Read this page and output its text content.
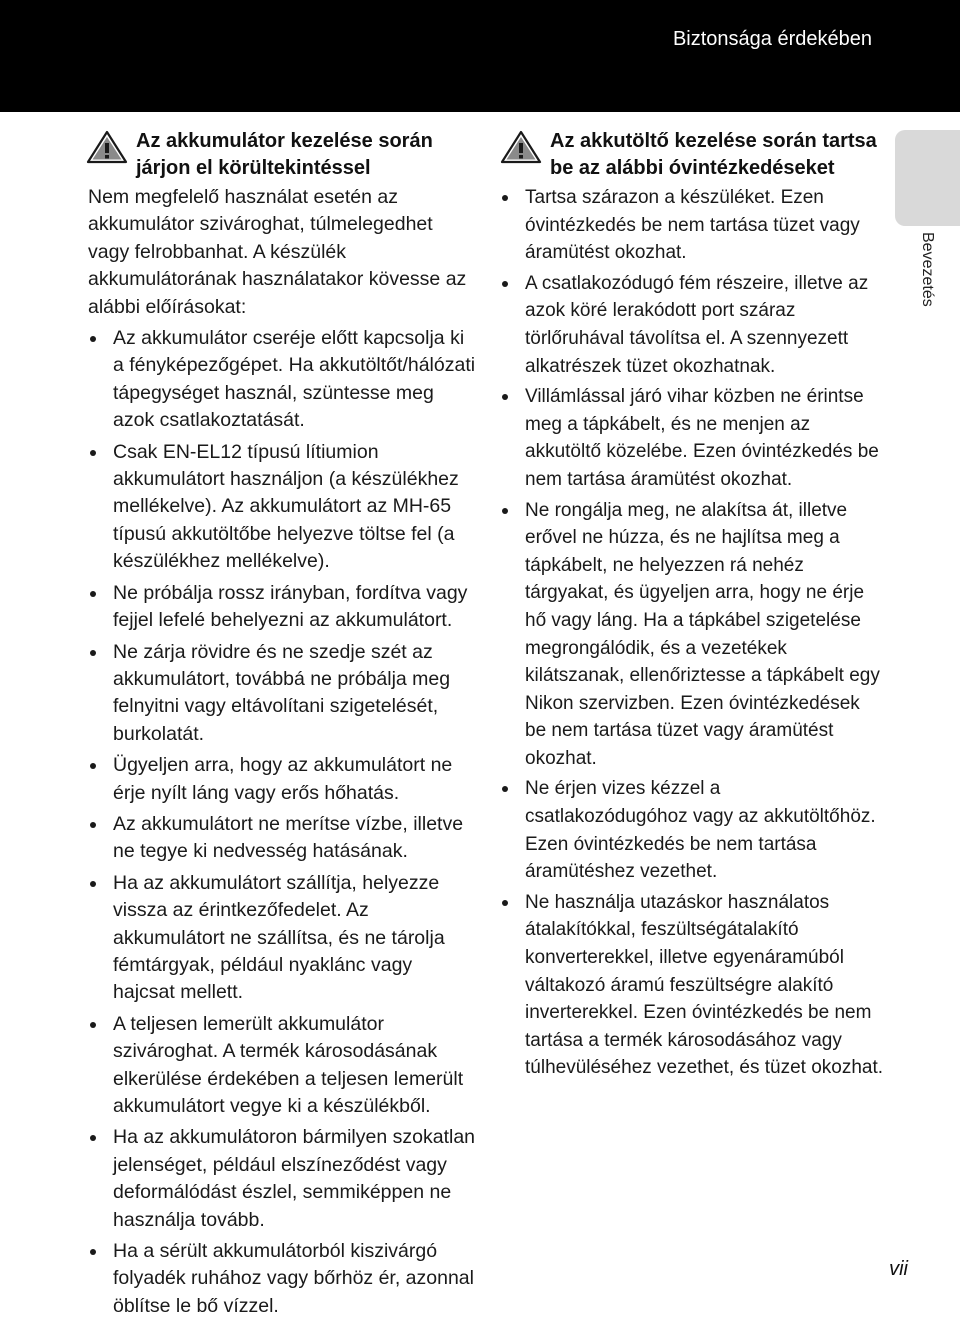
Biztonsága érdekében
Az akkumulátor kezelése során járjon el körültekintéssel

Nem megfelelő használat esetén az akkumulátor szivároghat, túlmelegedhet vagy felrobbanhat. A készülék akkumulátorának használatakor kövesse az alábbi előírásokat:

Az akkumulátor cseréje előtt kapcsolja ki a fényképezőgépet. Ha akkutöltőt/hálózati tápegységet használ, szüntesse meg azok csatlakoztatását.
Csak EN-EL12 típusú lítiumion akkumulátort használjon (a készülékhez mellékelve). Az akkumulátort az MH-65 típusú akkutöltőbe helyezve töltse fel (a készülékhez mellékelve).
Ne próbálja rossz irányban, fordítva vagy fejjel lefelé behelyezni az akkumulátort.
Ne zárja rövidre és ne szedje szét az akkumulátort, továbbá ne próbálja meg felnyitni vagy eltávolítani szigetelését, burkolatát.
Ügyeljen arra, hogy az akkumulátort ne érje nyílt láng vagy erős hőhatás.
Az akkumulátort ne merítse vízbe, illetve ne tegye ki nedvesség hatásának.
Ha az akkumulátort szállítja, helyezze vissza az érintkezőfedelet. Az akkumulátort ne szállítsa, és ne tárolja fémtárgyak, például nyaklánc vagy hajcsat mellett.
A teljesen lemerült akkumulátor szivároghat. A termék károsodásának elkerülése érdekében a teljesen lemerült akkumulátort vegye ki a készülékből.
Ha az akkumulátoron bármilyen szokatlan jelenséget, például elszíneződést vagy deformálódást észlel, semmiképpen ne használja tovább.
Ha a sérült akkumulátorból kiszivárgó folyadék ruhához vagy bőrhöz ér, azonnal öblítse le bő vízzel.
Az akkutöltő kezelése során tartsa be az alábbi óvintézkedéseket
Tartsa szárazon a készüléket. Ezen óvintézkedés be nem tartása tüzet vagy áramütést okozhat.
A csatlakozódugó fém részeire, illetve az azok köré lerakódott port száraz törlőruhával távolítsa el. A szennyezett alkatrészek tüzet okozhatnak.
Villámlással járó vihar közben ne érintse meg a tápkábelt, és ne menjen az akkutöltő közelébe. Ezen óvintézkedés be nem tartása áramütést okozhat.
Ne rongálja meg, ne alakítsa át, illetve erővel ne húzza, és ne hajlítsa meg a tápkábelt, ne helyezzen rá nehéz tárgyakat, és ügyeljen arra, hogy ne érje hő vagy láng. Ha a tápkábel szigetelése megrongálódik, és a vezetékek kilátszanak, ellenőriztesse a tápkábelt egy Nikon szervizben. Ezen óvintézkedések be nem tartása tüzet vagy áramütést okozhat.
Ne érjen vizes kézzel a csatlakozódugóhoz vagy az akkutöltőhöz. Ezen óvintézkedés be nem tartása áramütéshez vezethet.
Ne használja utazáskor használatos átalakítókkal, feszültségátalakító konverterekkel, illetve egyenáramúból váltakozó áramú feszültségre alakító inverterekkel. Ezen óvintézkedés be nem tartása a termék károsodásához vagy túlhevüléséhez vezethet, és tüzet okozhat.
Bevezetés
vii
